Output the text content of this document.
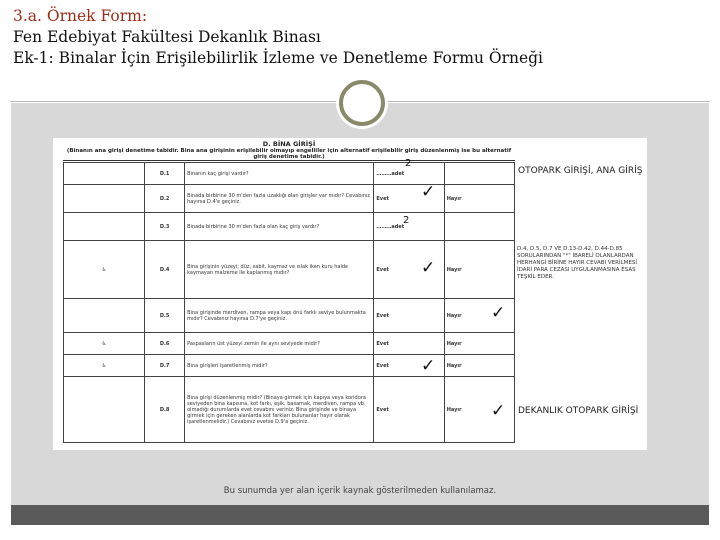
3.a. Örnek Form:
Fen Edebiyat Fakültesi Dekanlık Binası
Ek-1: Binalar İçin Erişilebilirlik İzleme ve Denetleme Formu Örneği
D. BİNA GİRİŞİ
(Binanın ana girişi denetime tabidir. Bina ana girişinin erişilebilir olmayıp engelliler için alternatif erişilebilir giriş düzenlenmiş ise bu alternatif giriş denetime tabidir.)
	D.1	Binanın kaç girişi vardır?	………adet	
	D.2	Binada birbirine 30 m'den fazla uzaklığı olan girişler var mıdır? Cevabınız hayırsa D.4'e geçiniz.	Evet	Hayır
	D.3	Binada birbirine 30 m'den fazla olan kaç giriş vardır?	………adet	
♿	D.4	Bina girişinin yüzeyi; düz, sabit, kaymaz ve ıslak iken kuru halde kaymayan malzeme ile kaplanmış mıdır?	Evet	Hayır
	D.5	Bina girişinde merdiven, rampa veya kapı önü farklı seviye bulunmakta mıdır? Cevabınız hayırsa D.7'ye geçiniz.	Evet	Hayır
♿	D.6	Paspasların üst yüzeyi zemin ile aynı seviyede midir?	Evet	Hayır
♿	D.7	Bina girişleri işaretlenmiş midir?	Evet	Hayır
	D.8	Bina girişi düzenlenmiş midir? (Binaya girmek için kapıya veya koridora seviyeden bina kapısına, kot farkı, eşik, basamak, merdiven, rampa vb. olmadığı durumlarda evet cevabını veriniz. Bina girişinde ve binaya girmek için gereken alanlarda kot farkları bulunanlar hayır olarak işaretlenmelidir.) Cevabınız evetse D.9'a geçiniz.	Evet	Hayır
D.4, D.5, D.7 VE D.13-D.42, D.44-D.85 SORULARINDAN "*" İBARELİ OLANLARDAN HERHANGİ BİRİNE HAYIR CEVABI VERİLMESİ İDARİ PARA CEZASI UYGULANMASINA ESAS TEŞKİL EDER.
2
2
OTOPARK GİRİŞİ, ANA GİRİŞ
DEKANLIK OTOPARK GİRİŞİ
✓
✓
✓
✓
✓
Bu sunumda yer alan içerik kaynak gösterilmeden kullanılamaz.
